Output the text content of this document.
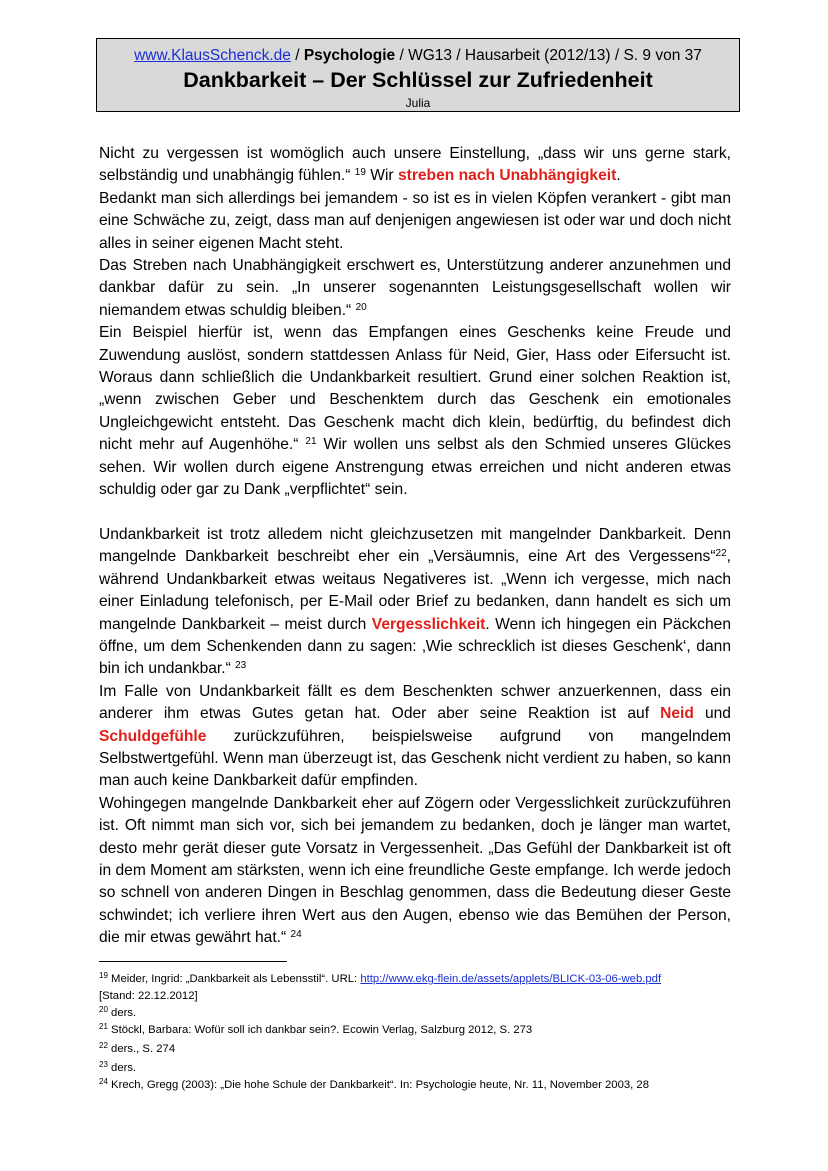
www.KlausSchenck.de / Psychologie / WG13 / Hausarbeit (2012/13) / S. 9 von 37
Dankbarkeit – Der Schlüssel zur Zufriedenheit
Julia

Nicht zu vergessen ist womöglich auch unsere Einstellung, „dass wir uns gerne stark, selbständig und unabhängig fühlen.“ $^{19}$ Wir streben nach Unabhängigkeit.

Bedankt man sich allerdings bei jemandem - so ist es in vielen Köpfen verankert - gibt man eine Schwäche zu, zeigt, dass man auf denjenigen angewiesen ist oder war und doch nicht alles in seiner eigenen Macht steht.

Das Streben nach Unabhängigkeit erschwert es, Unterstützung anderer anzunehmen und dankbar dafür zu sein. „In unserer sogenannten Leistungsgesellschaft wollen wir niemandem etwas schuldig bleiben.“ $^{20}$

Ein Beispiel hierfür ist, wenn das Empfangen eines Geschenks keine Freude und Zuwendung auslöst, sondern stattdessen Anlass für Neid, Gier, Hass oder Eifersucht ist. Woraus dann schließlich die Undankbarkeit resultiert. Grund einer solchen Reaktion ist, „wenn zwischen Geber und Beschenktem durch das Geschenk ein emotionales Ungleichgewicht entsteht. Das Geschenk macht dich klein, bedürftig, du befindest dich nicht mehr auf Augenhöhe.“ $^{21}$ Wir wollen uns selbst als den Schmied unseres Glückes sehen. Wir wollen durch eigene Anstrengung etwas erreichen und nicht anderen etwas schuldig oder gar zu Dank „verpflichtet“ sein.

Undankbarkeit ist trotz alledem nicht gleichzusetzen mit mangelnder Dankbarkeit. Denn mangelnde Dankbarkeit beschreibt eher ein „Versäumnis, eine Art des Vergessens“$^{22}$, während Undankbarkeit etwas weitaus Negativeres ist. „Wenn ich vergesse, mich nach einer Einladung telefonisch, per E-Mail oder Brief zu bedanken, dann handelt es sich um mangelnde Dankbarkeit – meist durch Vergesslichkeit. Wenn ich hingegen ein Päckchen öffne, um dem Schenkenden dann zu sagen: ‚Wie schrecklich ist dieses Geschenk‘, dann bin ich undankbar.“ $^{23}$

Im Falle von Undankbarkeit fällt es dem Beschenkten schwer anzuerkennen, dass ein anderer ihm etwas Gutes getan hat. Oder aber seine Reaktion ist auf Neid und Schuldgefühle zurückzuführen, beispielsweise aufgrund von mangelndem Selbstwertgefühl. Wenn man überzeugt ist, das Geschenk nicht verdient zu haben, so kann man auch keine Dankbarkeit dafür empfinden.

Wohingegen mangelnde Dankbarkeit eher auf Zögern oder Vergesslichkeit zurückzuführen ist. Oft nimmt man sich vor, sich bei jemandem zu bedanken, doch je länger man wartet, desto mehr gerät dieser gute Vorsatz in Vergessenheit. „Das Gefühl der Dankbarkeit ist oft in dem Moment am stärksten, wenn ich eine freundliche Geste empfange. Ich werde jedoch so schnell von anderen Dingen in Beschlag genommen, dass die Bedeutung dieser Geste schwindet; ich verliere ihren Wert aus den Augen, ebenso wie das Bemühen der Person, die mir etwas gewährt hat.“ $^{24}$

$^{19}$ Meider, Ingrid: „Dankbarkeit als Lebensstil“. URL: http://www.ekg-flein.de/assets/applets/BLICK-03-06-web.pdf
[Stand: 22.12.2012]

$^{20}$ ders.

$^{21}$ Stöckl, Barbara: Wofür soll ich dankbar sein?. Ecowin Verlag, Salzburg 2012, S. 273

$^{22}$ ders., S. 274

$^{23}$ ders.

$^{24}$ Krech, Gregg (2003): „Die hohe Schule der Dankbarkeit“. In: Psychologie heute, Nr. 11, November 2003, 28
